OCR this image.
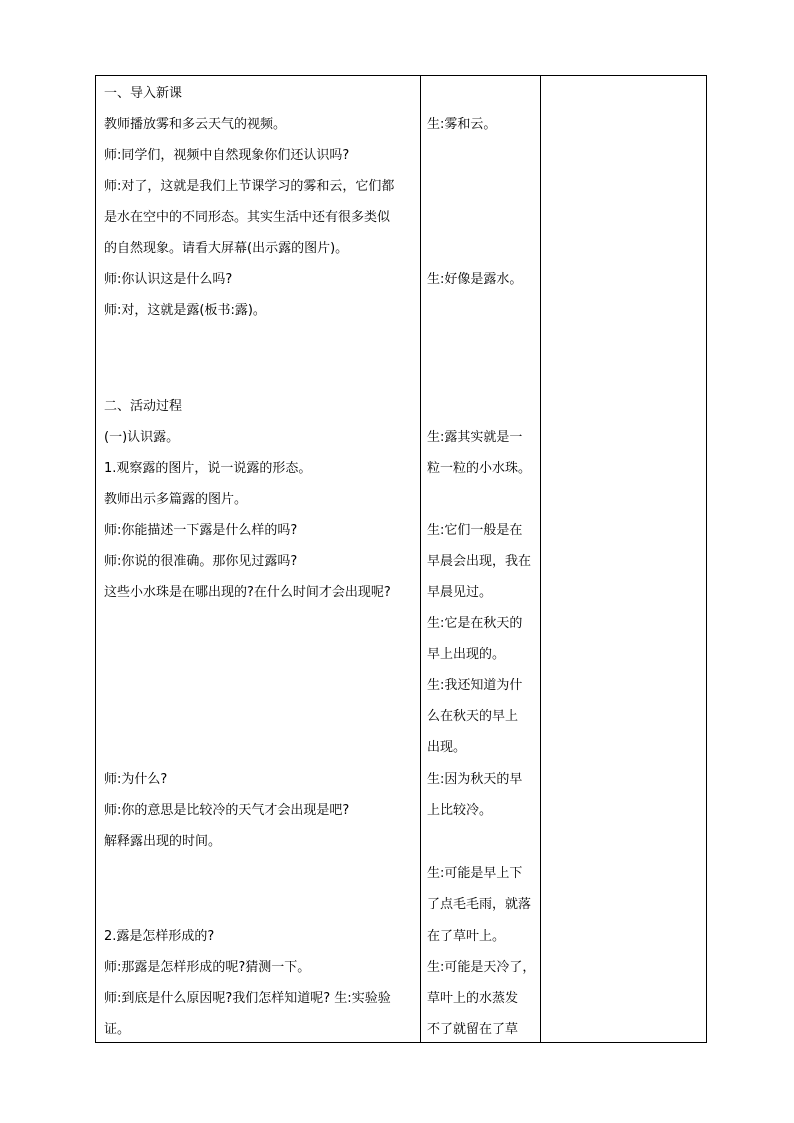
一、导入新课
教师播放雾和多云天气的视频。
师:同学们，视频中自然现象你们还认识吗?
师:对了，这就是我们上节课学习的雾和云，它们都
是水在空中的不同形态。其实生活中还有很多类似
的自然现象。请看大屏幕(出示露的图片)。
师:你认识这是什么吗?
师:对，这就是露(板书:露)。
二、活动过程
(一)认识露。
1.观察露的图片，说一说露的形态。
教师出示多篇露的图片。
师:你能描述一下露是什么样的吗?
师:你说的很准确。那你见过露吗?
这些小水珠是在哪出现的?在什么时间才会出现呢?
师:为什么?
师:你的意思是比较冷的天气才会出现是吧?
解释露出现的时间。
2.露是怎样形成的?
师:那露是怎样形成的呢?猜测一下。
师:到底是什么原因呢?我们怎样知道呢? 生:实验验
证。
生:雾和云。
生:好像是露水。
生:露其实就是一
粒一粒的小水珠。
生:它们一般是在
早晨会出现，我在
早晨见过。
生:它是在秋天的
早上出现的。
生:我还知道为什
么在秋天的早上
出现。
生:因为秋天的早
上比较冷。
生:可能是早上下
了点毛毛雨，就落
在了草叶上。
生:可能是天冷了，
草叶上的水蒸发
不了就留在了草
